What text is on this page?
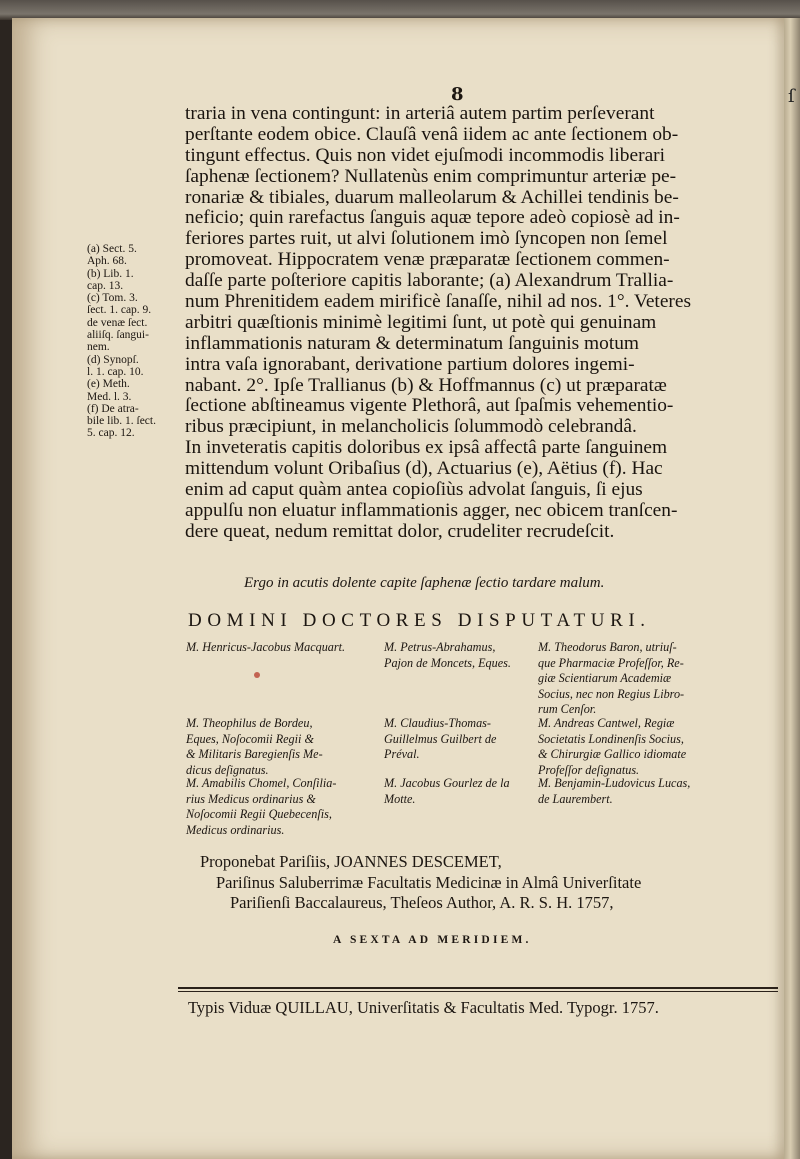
ſ
8
traria in vena contingunt: in arteriâ autem partim perſeverant
perſtante eodem obice. Clauſâ venâ iidem ac ante ſectionem ob-
tingunt effectus. Quis non videt ejuſmodi incommodis liberari
ſaphenæ ſectionem? Nullatenùs enim comprimuntur arteriæ pe-
ronariæ & tibiales, duarum malleolarum & Achillei tendinis be-
neficio; quin rarefactus ſanguis aquæ tepore adeò copiosè ad in-
feriores partes ruit, ut alvi ſolutionem imò ſyncopen non ſemel
promoveat. Hippocratem venæ præparatæ ſectionem commen-
daſſe parte poſteriore capitis laborante; (a) Alexandrum Trallia-
num Phrenitidem eadem mirificè ſanaſſe, nihil ad nos. 1°. Veteres
arbitri quæſtionis minimè legitimi ſunt, ut potè qui genuinam
inflammationis naturam & determinatum ſanguinis motum
intra vaſa ignorabant, derivatione partium dolores ingemi-
nabant. 2°. Ipſe Trallianus (b) & Hoffmannus (c) ut præparatæ
ſectione abſtineamus vigente Plethorâ, aut ſpaſmis vehementio-
ribus præcipiunt, in melancholicis ſolummodò celebrandâ.
In inveteratis capitis doloribus ex ipsâ affectâ parte ſanguinem
mittendum volunt Oribaſius (d), Actuarius (e), Aëtius (f). Hac
enim ad caput quàm antea copioſiùs advolat ſanguis, ſi ejus
appulſu non eluatur inflammationis agger, nec obicem tranſcen-
dere queat, nedum remittat dolor, crudeliter recrudeſcit.
(a) Sect. 5.
Aph. 68.
(b) Lib. 1.
cap. 13.
(c) Tom. 3.
ſect. 1. cap. 9.
de venæ ſect.
aliiſq. ſangui-
nem.
(d) Synopſ.
l. 1. cap. 10.
(e) Meth.
Med. l. 3.
(f) De atra-
bile lib. 1. ſect.
5. cap. 12.
Ergo in acutis dolente capite ſaphenæ ſectio tardare malum.
DOMINI DOCTORES DISPUTATURI.
M. Henricus-Jacobus Macquart.
M. Theophilus de Bordeu,
Eques, Noſocomii Regii &
& Militaris Baregienſis Me-
dicus deſignatus.
M. Amabilis Chomel, Conſilia-
rius Medicus ordinarius &
Noſocomii Regii Quebecenſis,
Medicus ordinarius.
M. Petrus-Abrahamus,
Pajon de Moncets, Eques.
M. Claudius-Thomas-
Guillelmus Guilbert de
Préval.
M. Jacobus Gourlez de la
Motte.
M. Theodorus Baron, utriuſ-
que Pharmaciæ Profeſſor, Re-
giæ Scientiarum Academiæ
Socius, nec non Regius Libro-
rum Cenſor.
M. Andreas Cantwel, Regiæ
Societatis Londinenſis Socius,
& Chirurgiæ Gallico idiomate
Profeſſor deſignatus.
M. Benjamin-Ludovicus Lucas,
de Laurembert.
Proponebat Pariſiis, JOANNES DESCEMET,
Pariſinus Saluberrimæ Facultatis Medicinæ in Almâ Univerſitate
Pariſienſi Baccalaureus, Theſeos Author, A. R. S. H. 1757,
A SEXTA AD MERIDIEM.
Typis Viduæ QUILLAU, Univerſitatis & Facultatis Med. Typogr. 1757.
